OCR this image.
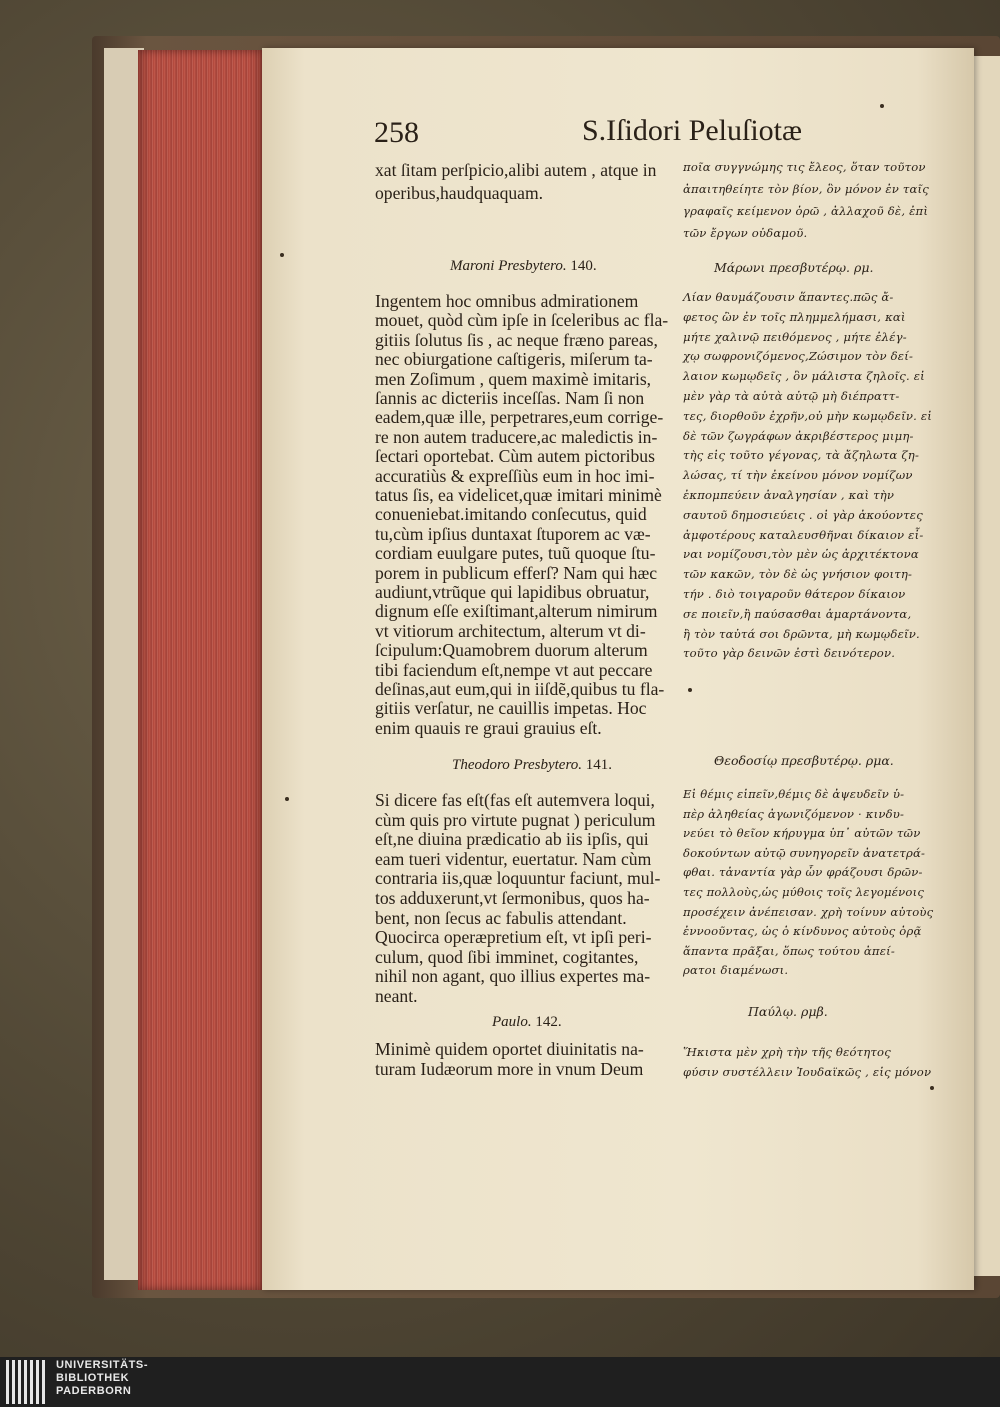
258	S.Iſidori Peluſiotæ
xat ſitam perſpicio,alibi autem , atque in
operibus,haudquaquam.
ποῖα συγγνώμης τις ἔλεος, ὅταν τοῦτον
ἀπαιτηθείητε τὸν βίον, ὃν μόνον ἐν ταῖς
γραφαῖς κείμενον ὁρῶ , ἀλλαχοῦ δὲ, ἐπὶ
τῶν ἔργων οὐδαμοῦ.
Maroni Presbytero. 140.	Μάρωνι πρεσβυτέρῳ. ρμ.
Ingentem hoc omnibus admirationem
mouet, quòd cùm ipſe in ſceleribus ac fla-
gitiis ſolutus ſis , ac neque fræno pareas,
nec obiurgatione caſtigeris, miſerum ta-
men Zoſimum , quem maximè imitaris,
ſannis ac dicteriis inceſſas. Nam ſi non
eadem,quæ ille, perpetrares,eum corrige-
re non autem traducere,ac maledictis in-
ſectari oportebat. Cùm autem pictoribus
accuratiùs & expreſſiùs eum in hoc imi-
tatus ſis, ea videlicet,quæ imitari minimè
conueniebat.imitando conſecutus, quid
tu,cùm ipſius duntaxat ſtuporem ac væ-
cordiam euulgare putes, tuũ quoque ſtu-
porem in publicum efferſ? Nam qui hæc
audiunt,vtrũque qui lapidibus obruatur,
dignum eſſe exiſtimant,alterum nimirum
vt vitiorum architectum, alterum vt di-
ſcipulum:Quamobrem duorum alterum
tibi faciendum eſt,nempe vt aut peccare
deſinas,aut eum,qui in iiſdẽ,quibus tu fla-
gitiis verſatur, ne cauillis impetas. Hoc
enim quauis re graui grauius eſt.
Λίαν θαυμάζουσιν ἅπαντες.πῶς ἄ-
φετος ὢν ἐν τοῖς πλημμελήμασι, καὶ
μήτε χαλινῷ πειθόμενος , μήτε ἐλέγ-
χῳ σωφρονιζόμενος,Ζώσιμον τὸν δεί-
λαιον κωμῳδεῖς , ὃν μάλιστα ζηλοῖς. εἰ
μὲν γὰρ τὰ αὐτὰ αὐτῷ μὴ διέπραττ-
τες, διορθοῦν ἐχρῆν,οὐ μὴν κωμῳδεῖν. εἰ
δὲ τῶν ζωγράφων ἀκριβέστερος μιμη-
τὴς εἰς τοῦτο γέγονας, τὰ ἄζηλωτα ζη-
λώσας, τί τὴν ἐκείνου μόνον νομίζων
ἐκπομπεύειν ἀναλγησίαν , καὶ τὴν
σαυτοῦ δημοσιεύεις . οἱ γὰρ ἀκούοντες
ἀμφοτέρους καταλευσθῆναι δίκαιον εἶ-
ναι νομίζουσι,τὸν μὲν ὡς ἀρχιτέκτονα
τῶν κακῶν, τὸν δὲ ὡς γνήσιον φοιτη-
τήν . διὸ τοιγαροῦν θάτερον δίκαιον
σε ποιεῖν,ἢ παύσασθαι ἁμαρτάνοντα,
ἢ τὸν ταὐτά σοι δρῶντα, μὴ κωμῳδεῖν.
τοῦτο γὰρ δεινῶν ἐστὶ δεινότερον.
Theodoro Presbytero. 141.	Θεοδοσίῳ πρεσβυτέρῳ. ρμα.
Si dicere fas eſt(fas eſt autemvera loqui,
cùm quis pro virtute pugnat ) periculum
eſt,ne diuina prædicatio ab iis ipſis, qui
eam tueri videntur, euertatur. Nam cùm
contraria iis,quæ loquuntur faciunt, mul-
tos adduxerunt,vt ſermonibus, quos ha-
bent, non ſecus ac fabulis attendant.
Quocirca operæpretium eſt, vt ipſi peri-
culum, quod ſibi imminet, cogitantes,
nihil non agant, quo illius expertes ma-
neant.
Εἰ θέμις εἰπεῖν,θέμις δὲ ἀψευδεῖν ὑ-
πὲρ ἀληθείας ἀγωνιζόμενον · κινδυ-
νεύει τὸ θεῖον κήρυγμα ὑπ᾽ αὐτῶν τῶν
δοκούντων αὐτῷ συνηγορεῖν ἀνατετρά-
φθαι. τἀναντία γὰρ ὧν φράζουσι δρῶν-
τες πολλοὺς,ὡς μύθοις τοῖς λεγομένοις
προσέχειν ἀνέπεισαν. χρὴ τοίνυν αὐτοὺς
ἐννοοῦντας, ὡς ὁ κίνδυνος αὐτοὺς ὁρᾷ
ἅπαντα πρᾶξαι, ὅπως τούτου ἀπεί-
ρατοι διαμένωσι.
Paulo. 142.
Παύλῳ. ρμβ.
Minimè quidem oportet diuinitatis na-
turam Iudæorum more in vnum Deum
Ἥκιστα μὲν χρὴ τὴν τῆς θεότητος
φύσιν συστέλλειν Ἰουδαϊκῶς , εἰς μόνον
UNIVERSITÄTS-
BIBLIOTHEK
PADERBORN
